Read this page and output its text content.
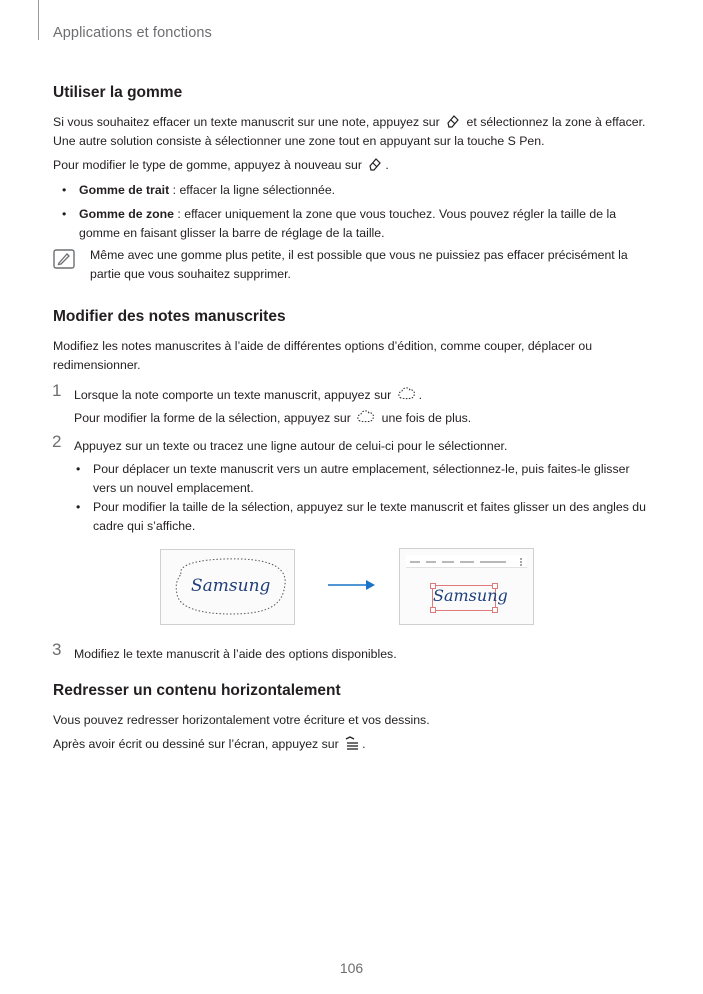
Applications et fonctions
Utiliser la gomme
Si vous souhaitez effacer un texte manuscrit sur une note, appuyez sur et sélectionnez la zone à effacer.
Une autre solution consiste à sélectionner une zone tout en appuyant sur la touche S Pen.
Pour modifier le type de gomme, appuyez à nouveau sur .
• Gomme de trait : effacer la ligne sélectionnée.
• Gomme de zone : effacer uniquement la zone que vous touchez. Vous pouvez régler la taille de la
gomme en faisant glisser la barre de réglage de la taille.
Même avec une gomme plus petite, il est possible que vous ne puissiez pas effacer précisément la
partie que vous souhaitez supprimer.
Modifier des notes manuscrites
Modifiez les notes manuscrites à l’aide de différentes options d’édition, comme couper, déplacer ou
redimensionner.
1 Lorsque la note comporte un texte manuscrit, appuyez sur .
Pour modifier la forme de la sélection, appuyez sur	une fois de plus.
2 Appuyez sur un texte ou tracez une ligne autour de celui-ci pour le sélectionner.
• Pour déplacer un texte manuscrit vers un autre emplacement, sélectionnez-le, puis faites-le glisser
vers un nouvel emplacement.
• Pour modifier la taille de la sélection, appuyez sur le texte manuscrit et faites glisser un des angles du
cadre qui s’affiche.
Samsung	Samsung
3 Modifiez le texte manuscrit à l’aide des options disponibles.
Redresser un contenu horizontalement
Vous pouvez redresser horizontalement votre écriture et vos dessins.
Après avoir écrit ou dessiné sur l’écran, appuyez sur .
106
